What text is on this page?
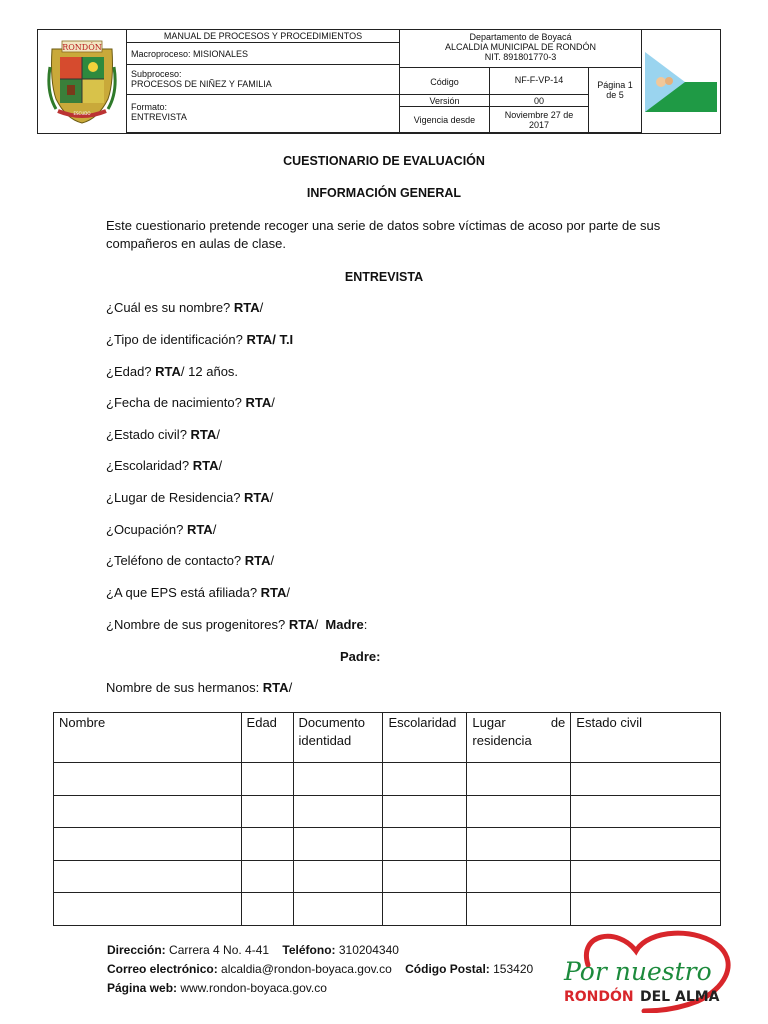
RONDÓN
ESCUDO
MANUAL DE PROCESOS Y PROCEDIMIENTOS
Macroproceso: MISIONALES
Subproceso:
PROCESOS DE NIÑEZ Y FAMILIA
Formato:
ENTREVISTA
Departamento de Boyacá
ALCALDIA MUNICIPAL DE RONDÓN
NIT. 891801770-3
Código	NF-F-VP-14
Versión	00
Vigencia desde	Noviembre 27 de 2017
Página 1 de 5
CUESTIONARIO DE EVALUACIÓN
INFORMACIÓN GENERAL
Este cuestionario pretende recoger una serie de datos sobre víctimas de acoso por parte de sus compañeros en aulas de clase.
ENTREVISTA
¿Cuál es su nombre? RTA/
¿Tipo de identificación? RTA/ T.I
¿Edad? RTA/ 12 años.
¿Fecha de nacimiento? RTA/
¿Estado civil? RTA/
¿Escolaridad? RTA/
¿Lugar de Residencia? RTA/
¿Ocupación? RTA/
¿Teléfono de contacto? RTA/
¿A que EPS está afiliada? RTA/
¿Nombre de sus progenitores? RTA/  Madre:
Padre:
Nombre de sus hermanos: RTA/
Nombre	Edad	Documento identidad	Escolaridad	Lugar de residencia	Estado civil

Dirección: Carrera 4 No. 4-41 Teléfono: 310204340
Correo electrónico: alcaldia@rondon-boyaca.gov.co Código Postal: 153420
Página web: www.rondon-boyaca.gov.co
Por nuestro
RONDÓN DEL ALMA
